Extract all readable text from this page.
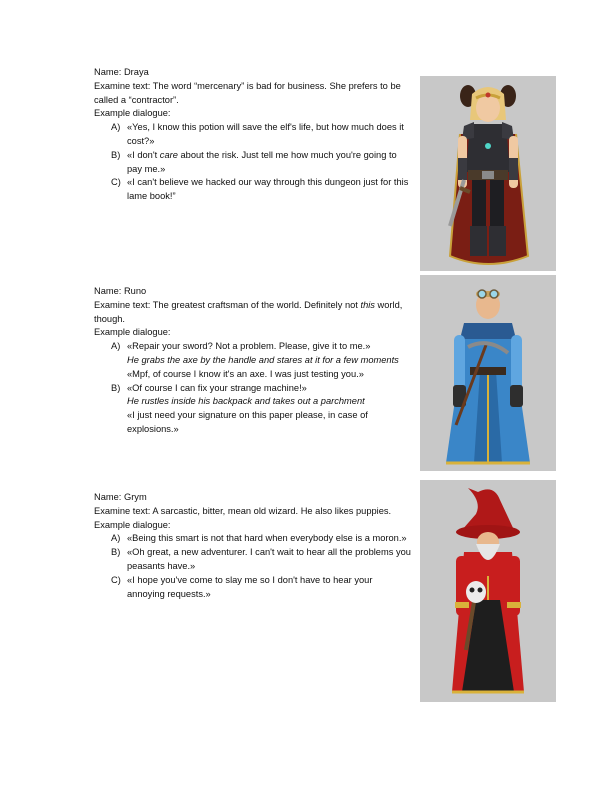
Name: Draya
Examine text: The word “mercenary” is bad for business. She prefers to be called a “contractor”.
Example dialogue:
A) «Yes, I know this potion will save the elf's life, but how much does it cost?»
B) «I don't care about the risk. Just tell me how much you're going to pay me.»
C) «I can't believe we hacked our way through this dungeon just for this lame book!”
Name: Runo
Examine text: The greatest craftsman of the world. Definitely not this world, though.
Example dialogue:
A) «Repair your sword? Not a problem. Please, give it to me.»
He grabs the axe by the handle and stares at it for a few moments
«Mpf, of course I know it's an axe. I was just testing you.»
B) «Of course I can fix your strange machine!»
He rustles inside his backpack and takes out a parchment
«I just need your signature on this paper please, in case of explosions.»
Name: Grym
Examine text: A sarcastic, bitter, mean old wizard. He also likes puppies.
Example dialogue:
A) «Being this smart is not that hard when everybody else is a moron.»
B) «Oh great, a new adventurer. I can't wait to hear all the problems you peasants have.»
C) «I hope you've come to slay me so I don't have to hear your annoying requests.»
